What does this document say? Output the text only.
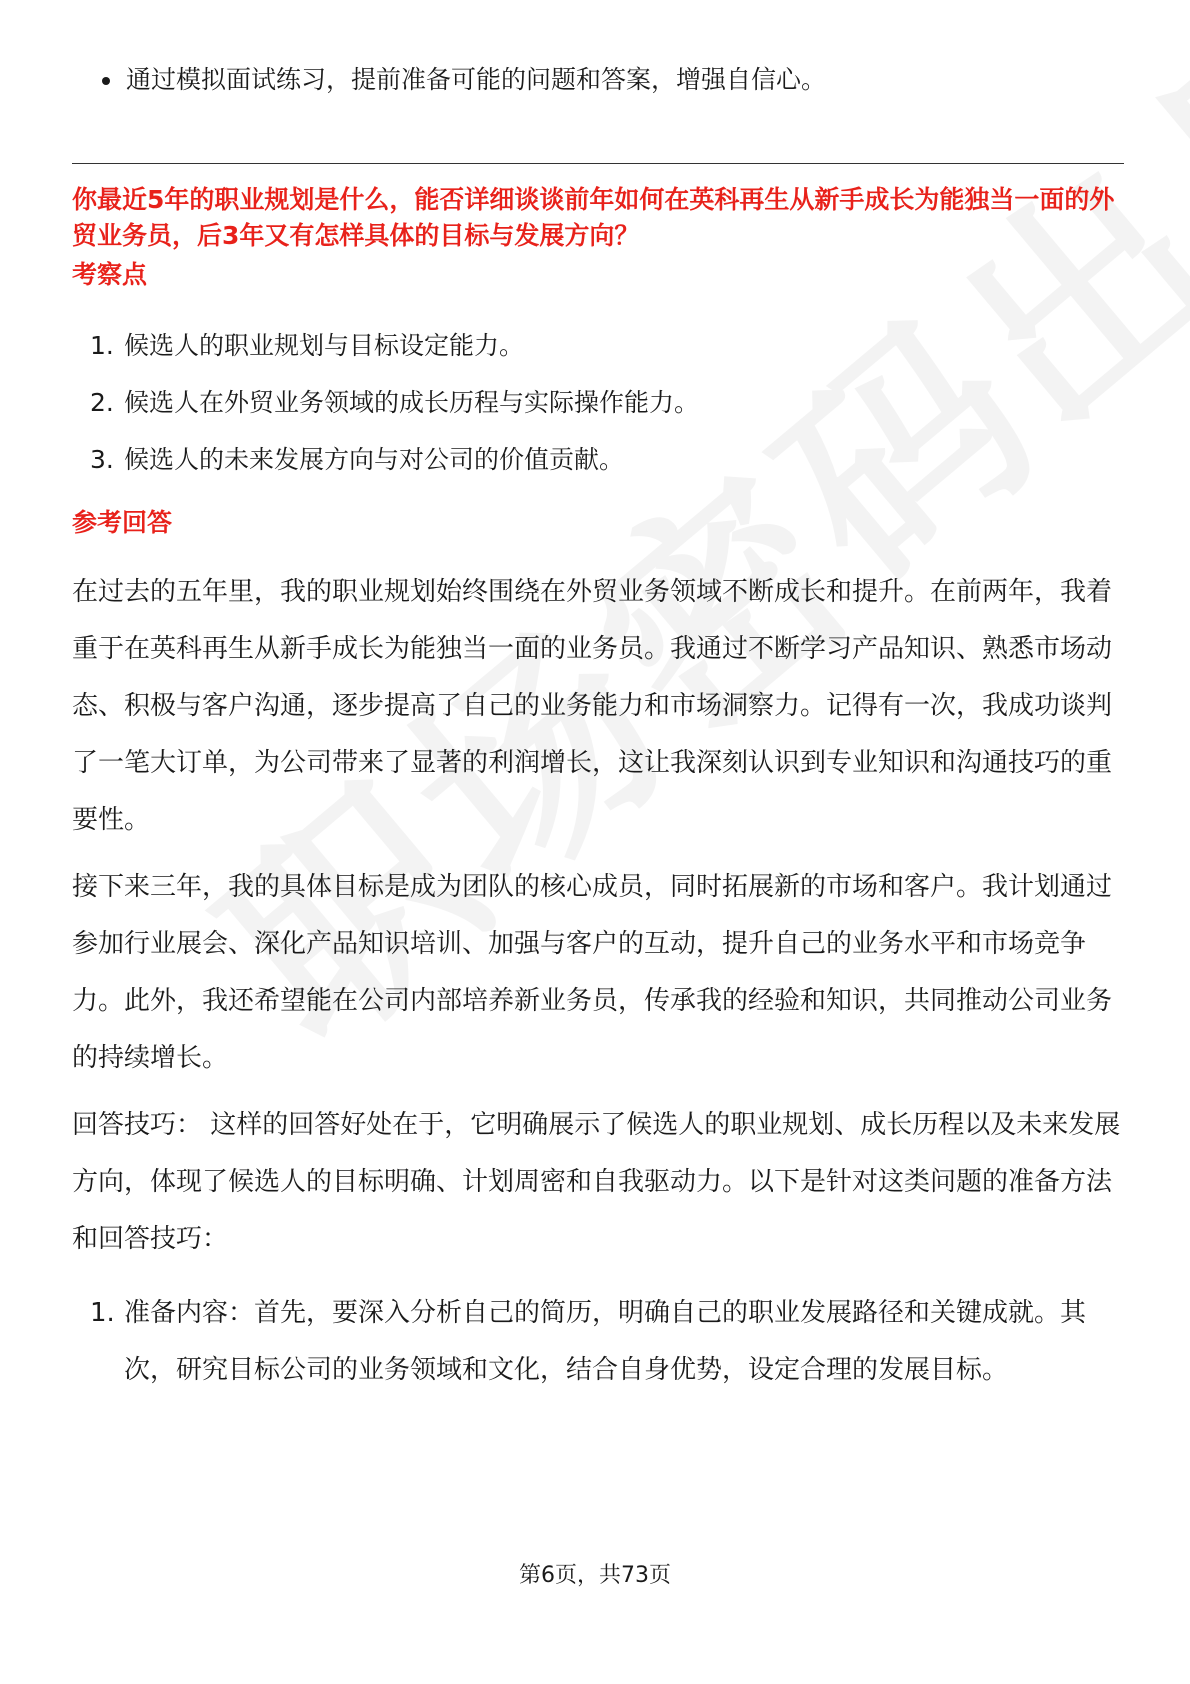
通过模拟面试练习，提前准备可能的问题和答案，增强自信心。
你最近5年的职业规划是什么，能否详细谈谈前年如何在英科再生从新手成长为能独当一面的外贸业务员，后3年又有怎样具体的目标与发展方向？
考察点
1. 候选人的职业规划与目标设定能力。
2. 候选人在外贸业务领域的成长历程与实际操作能力。
3. 候选人的未来发展方向与对公司的价值贡献。
参考回答
在过去的五年里，我的职业规划始终围绕在外贸业务领域不断成长和提升。在前两年，我着重于在英科再生从新手成长为能独当一面的业务员。我通过不断学习产品知识、熟悉市场动态、积极与客户沟通，逐步提高了自己的业务能力和市场洞察力。记得有一次，我成功谈判了一笔大订单，为公司带来了显著的利润增长，这让我深刻认识到专业知识和沟通技巧的重要性。
接下来三年，我的具体目标是成为团队的核心成员，同时拓展新的市场和客户。我计划通过参加行业展会、深化产品知识培训、加强与客户的互动，提升自己的业务水平和市场竞争力。此外，我还希望能在公司内部培养新业务员，传承我的经验和知识，共同推动公司业务的持续增长。
回答技巧： 这样的回答好处在于，它明确展示了候选人的职业规划、成长历程以及未来发展方向，体现了候选人的目标明确、计划周密和自我驱动力。以下是针对这类问题的准备方法和回答技巧：
1. 准备内容：首先，要深入分析自己的简历，明确自己的职业发展路径和关键成就。其次，研究目标公司的业务领域和文化，结合自身优势，设定合理的发展目标。
第6页，共73页
